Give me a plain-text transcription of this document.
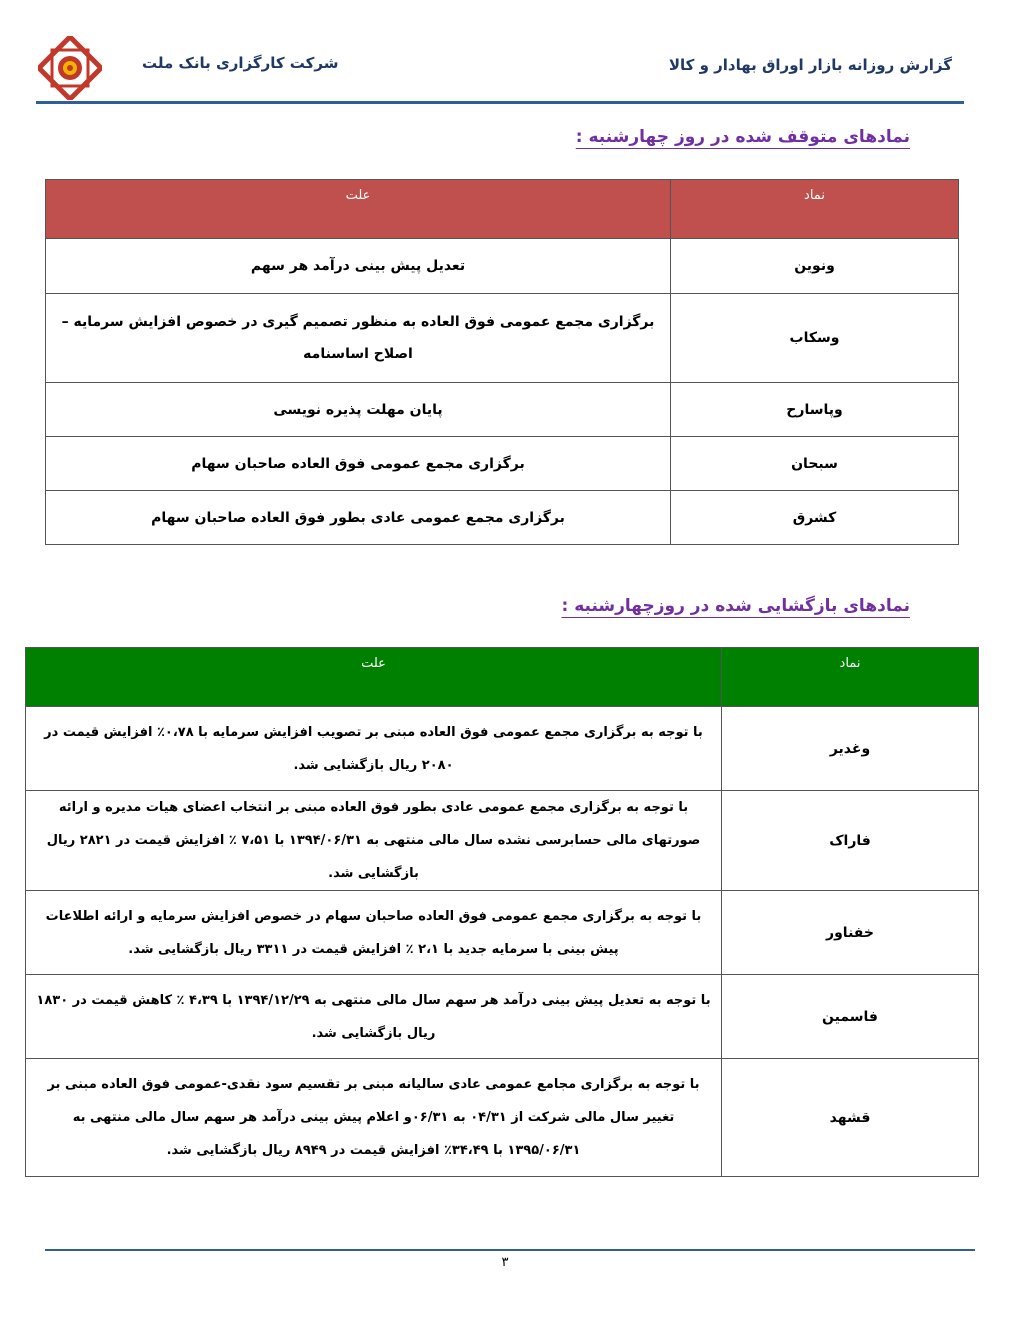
شرکت کارگزاری بانک ملت	گزارش روزانه بازار اوراق بهادار و کالا

نمادهای متوقف شده در روز چهارشنبه :
نماد	علت
ونوین	تعدیل پیش بینی درآمد هر سهم
وسکاب	برگزاری مجمع عمومی فوق العاده به منظور تصمیم گیری در خصوص افزایش سرمایه –اصلاح اساسنامه
وپاسارح	پایان مهلت پذیره نویسی
سبحان	برگزاری مجمع عمومی فوق العاده صاحبان سهام
کشرق	برگزاری مجمع عمومی عادی بطور فوق العاده صاحبان سهام
نمادهای بازگشایی شده در روزچهارشنبه :
نماد	علت
وغدیر	با توجه به برگزاری مجمع عمومی فوق العاده مبنی بر تصویب افزایش سرمایه با ۰،۷۸٪ افزایش قیمت در ۲۰۸۰ ریال بازگشایی شد.
فاراک	با توجه به برگزاری مجمع عمومی عادی بطور فوق العاده مبنی بر انتخاب اعضای هیات مدیره و ارائه صورتهای مالی حسابرسی نشده سال مالی منتهی به ۱۳۹۴/۰۶/۳۱ با ۷،۵۱ ٪ افزایش قیمت در ۲۸۲۱ ریال بازگشایی شد.
خفناور	با توجه به برگزاری مجمع عمومی فوق العاده صاحبان سهام در خصوص افزایش سرمایه و ارائه اطلاعات پیش بینی با سرمایه جدید با ۲،۱ ٪ افزایش قیمت در ۳۳۱۱ ریال بازگشایی شد.
فاسمین	با توجه به تعدیل پیش بینی درآمد هر سهم سال مالی منتهی به ۱۳۹۴/۱۲/۲۹ با ۴،۳۹ ٪ کاهش قیمت در ۱۸۳۰ ریال بازگشایی شد.
قشهد	با توجه به برگزاری مجامع عمومی عادی سالیانه مبنی بر تقسیم سود نقدی-عمومی فوق العاده مبنی بر تغییر سال مالی شرکت از ۰۴/۳۱ به ۰۶/۳۱و اعلام پیش بینی درآمد هر سهم سال مالی منتهی به ۱۳۹۵/۰۶/۳۱ با ۳۴،۴۹٪ افزایش قیمت در ۸۹۴۹ ریال بازگشایی شد.

۳
